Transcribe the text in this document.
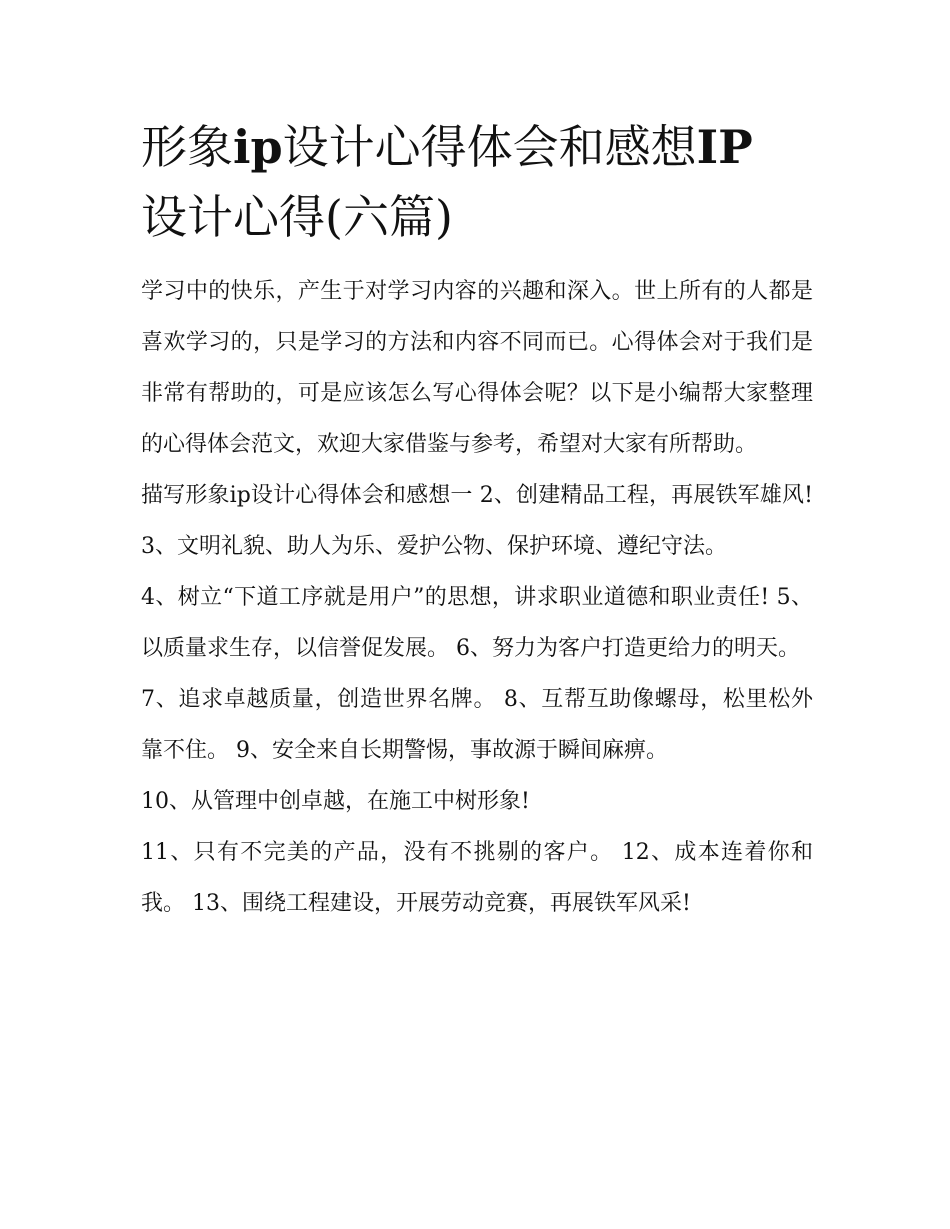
形象ip设计心得体会和感想IP
设计心得(六篇)

学习中的快乐，产生于对学习内容的兴趣和深入。世上所有的人都是喜欢学习的，只是学习的方法和内容不同而已。心得体会对于我们是非常有帮助的，可是应该怎么写心得体会呢？以下是小编帮大家整理的心得体会范文，欢迎大家借鉴与参考，希望对大家有所帮助。

描写形象ip设计心得体会和感想一 2、创建精品工程，再展铁军雄风! 3、文明礼貌、助人为乐、爱护公物、保护环境、遵纪守法。

4、树立“下道工序就是用户”的思想，讲求职业道德和职业责任! 5、以质量求生存，以信誉促发展。 6、努力为客户打造更给力的明天。

7、追求卓越质量，创造世界名牌。 8、互帮互助像螺母，松里松外靠不住。 9、安全来自长期警惕，事故源于瞬间麻痹。

10、从管理中创卓越，在施工中树形象!

11、只有不完美的产品，没有不挑剔的客户。 12、成本连着你和我。 13、围绕工程建设，开展劳动竞赛，再展铁军风采!
